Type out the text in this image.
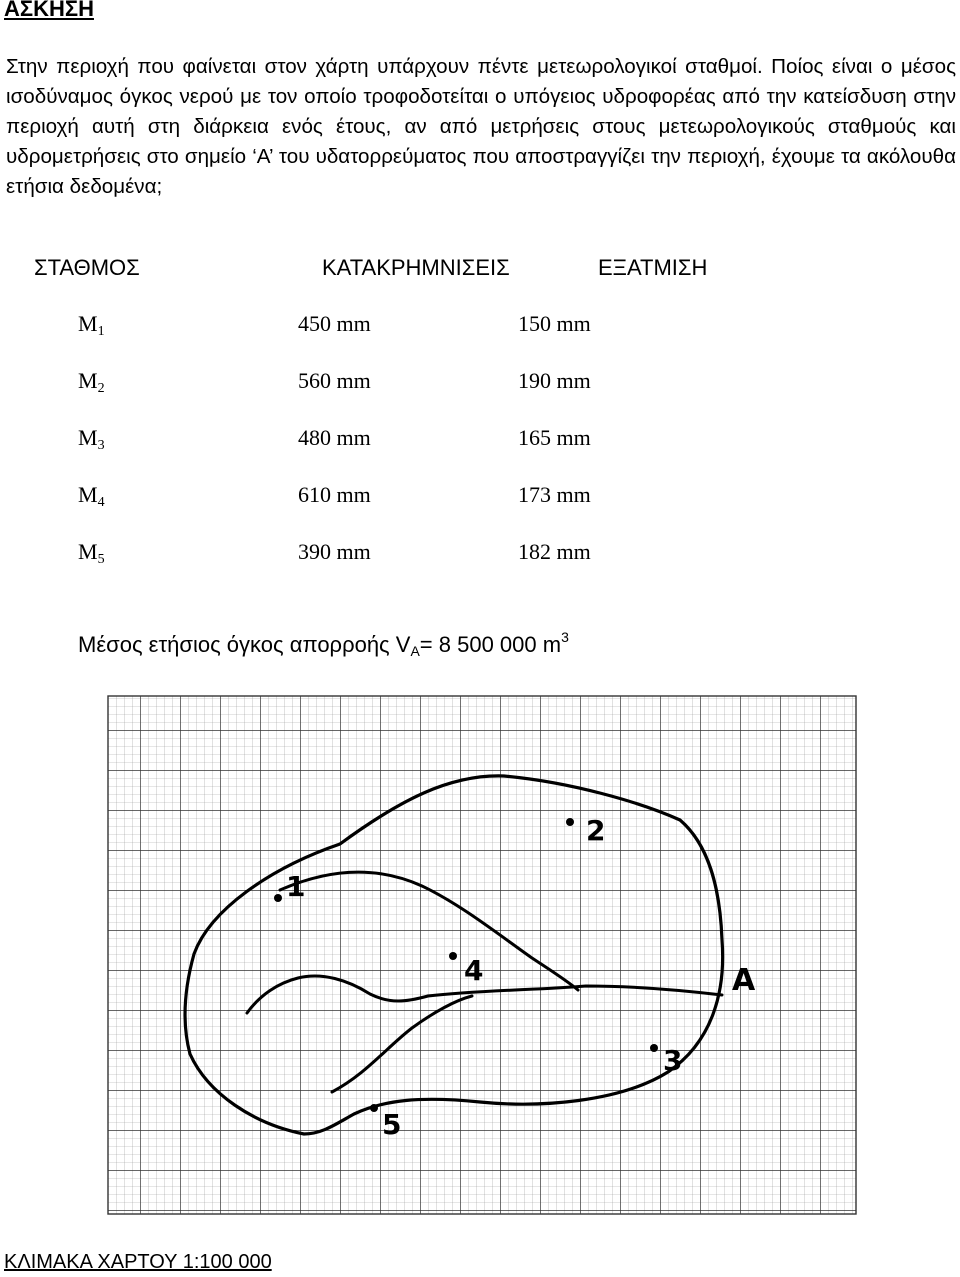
ΑΣΚΗΣΗ

Στην περιοχή που φαίνεται στον χάρτη υπάρχουν πέντε μετεωρολογικοί σταθμοί. Ποίος είναι ο μέσος ισοδύναμος όγκος νερού με τον οποίο τροφοδοτείται ο υπόγειος υδροφορέας από την κατείσδυση στην περιοχή αυτή στη διάρκεια ενός έτους, αν από μετρήσεις στους μετεωρολογικούς σταθμούς και υδρομετρήσεις στο σημείο ‘Α’ του υδατορρεύματος που αποστραγγίζει την περιοχή, έχουμε τα ακόλουθα ετήσια δεδομένα;

ΣΤΑΘΜΟΣ	ΚΑΤΑΚΡΗΜΝΙΣΕΙΣ	ΕΞΑΤΜΙΣΗ
$M_1$	450 mm	150 mm
$M_2$	560 mm	190 mm
$M_3$	480 mm	165 mm
$M_4$	610 mm	173 mm
$M_5$	390 mm	182 mm
Μέσος ετήσιος όγκος απορροής $V_A= 8$ 500 000 $m^3$
1
2
3
4
5
A
ΚΛΙΜΑΚΑ ΧΑΡΤΟΥ 1:100 000
